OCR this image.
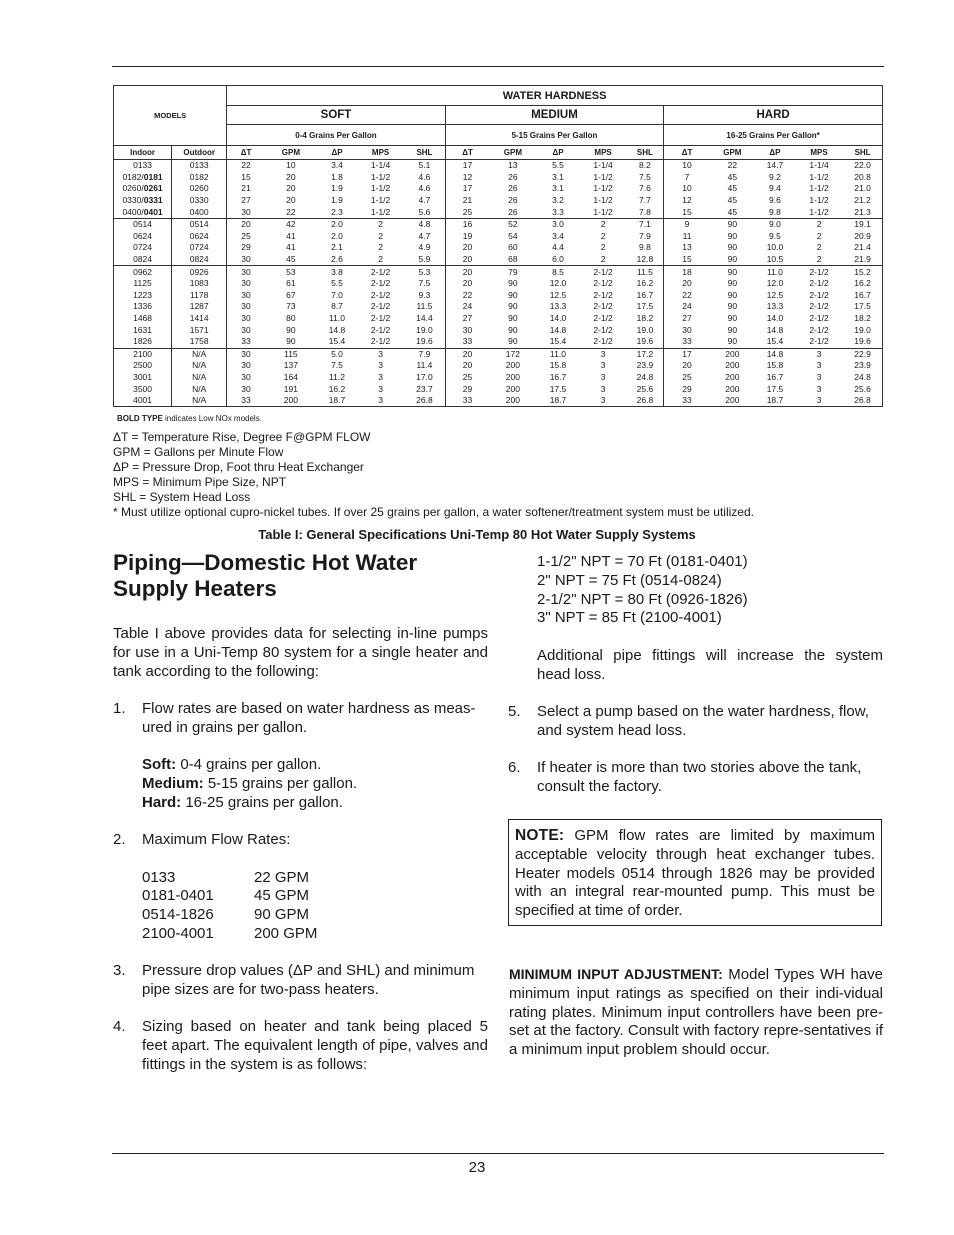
MODELS		WATER HARDNESS														
		SOFT					MEDIUM					HARD				
		0-4 Grains Per Gallon					5-15 Grains Per Gallon					16-25 Grains Per Gallon*				
Indoor	Outdoor	ΔT	GPM	ΔP	MPS	SHL	ΔT	GPM	ΔP	MPS	SHL	ΔT	GPM	ΔP	MPS	SHL
0133	0133	22	10	3.4	1-1/4	5.1	17	13	5.5	1-1/4	8.2	10	22	14.7	1-1/4	22.0
0182/0181	0182	15	20	1.8	1-1/2	4.6	12	26	3.1	1-1/2	7.5	7	45	9.2	1-1/2	20.8
0260/0261	0260	21	20	1.9	1-1/2	4.6	17	26	3.1	1-1/2	7.6	10	45	9.4	1-1/2	21.0
0330/0331	0330	27	20	1.9	1-1/2	4.7	21	26	3.2	1-1/2	7.7	12	45	9.6	1-1/2	21.2
0400/0401	0400	30	22	2.3	1-1/2	5.6	25	26	3.3	1-1/2	7.8	15	45	9.8	1-1/2	21.3
0514	0514	20	42	2.0	2	4.8	16	52	3.0	2	7.1	9	90	9.0	2	19.1
0624	0624	25	41	2.0	2	4.7	19	54	3.4	2	7.9	11	90	9.5	2	20.9
0724	0724	29	41	2.1	2	4.9	20	60	4.4	2	9.8	13	90	10.0	2	21.4
0824	0824	30	45	2.6	2	5.9	20	68	6.0	2	12.8	15	90	10.5	2	21.9
0962	0926	30	53	3.8	2-1/2	5.3	20	79	8.5	2-1/2	11.5	18	90	11.0	2-1/2	15.2
1125	1083	30	61	5.5	2-1/2	7.5	20	90	12.0	2-1/2	16.2	20	90	12.0	2-1/2	16.2
1223	1178	30	67	7.0	2-1/2	9.3	22	90	12.5	2-1/2	16.7	22	90	12.5	2-1/2	16.7
1336	1287	30	73	8.7	2-1/2	11.5	24	90	13.3	2-1/2	17.5	24	90	13.3	2-1/2	17.5
1468	1414	30	80	11.0	2-1/2	14.4	27	90	14.0	2-1/2	18.2	27	90	14.0	2-1/2	18.2
1631	1571	30	90	14.8	2-1/2	19.0	30	90	14.8	2-1/2	19.0	30	90	14.8	2-1/2	19.0
1826	1758	33	90	15.4	2-1/2	19.6	33	90	15.4	2-1/2	19.6	33	90	15.4	2-1/2	19.6
2100	N/A	30	115	5.0	3	7.9	20	172	11.0	3	17.2	17	200	14.8	3	22.9
2500	N/A	30	137	7.5	3	11.4	20	200	15.8	3	23.9	20	200	15.8	3	23.9
3001	N/A	30	164	11.2	3	17.0	25	200	16.7	3	24.8	25	200	16.7	3	24.8
3500	N/A	30	191	16.2	3	23.7	29	200	17.5	3	25.6	29	200	17.5	3	25.6
4001	N/A	33	200	18.7	3	26.8	33	200	18.7	3	26.8	33	200	18.7	3	26.8
BOLD TYPE indicates Low NOx models.
ΔT = Temperature Rise, Degree F@GPM FLOW
GPM = Gallons per Minute Flow
ΔP = Pressure Drop, Foot thru Heat Exchanger
MPS = Minimum Pipe Size, NPT
SHL = System Head Loss
* Must utilize optional cupro-nickel tubes. If over 25 grains per gallon, a water softener/treatment system must be utilized.
Table I: General Specifications Uni-Temp 80 Hot Water Supply Systems
Piping—Domestic Hot Water
Supply Heaters
Table I above provides data for selecting in-line pumps for use in a Uni-Temp 80 system for a single heater and tank according to the following:
1. Flow rates are based on water hardness as meas-ured in grains per gallon.
Soft: 0-4 grains per gallon.
Medium: 5-15 grains per gallon.
Hard: 16-25 grains per gallon.
2. Maximum Flow Rates:
0133	22 GPM
0181-0401	45 GPM
0514-1826	90 GPM
2100-4001	200 GPM
3. Pressure drop values (ΔP and SHL) and minimum pipe sizes are for two-pass heaters.
4. Sizing based on heater and tank being placed 5 feet apart. The equivalent length of pipe, valves and fittings in the system is as follows:
1-1/2" NPT = 70 Ft (0181-0401)
2" NPT = 75 Ft (0514-0824)
2-1/2" NPT = 80 Ft (0926-1826)
3" NPT = 85 Ft (2100-4001)
Additional pipe fittings will increase the system head loss.
5. Select a pump based on the water hardness, flow, and system head loss.
6. If heater is more than two stories above the tank, consult the factory.
NOTE: GPM flow rates are limited by maximum acceptable velocity through heat exchanger tubes. Heater models 0514 through 1826 may be provided with an integral rear-mounted pump. This must be specified at time of order.
MINIMUM INPUT ADJUSTMENT: Model Types WH have minimum input ratings as specified on their indi-vidual rating plates. Minimum input controllers have been pre-set at the factory. Consult with factory repre-sentatives if a minimum input problem should occur.
23
